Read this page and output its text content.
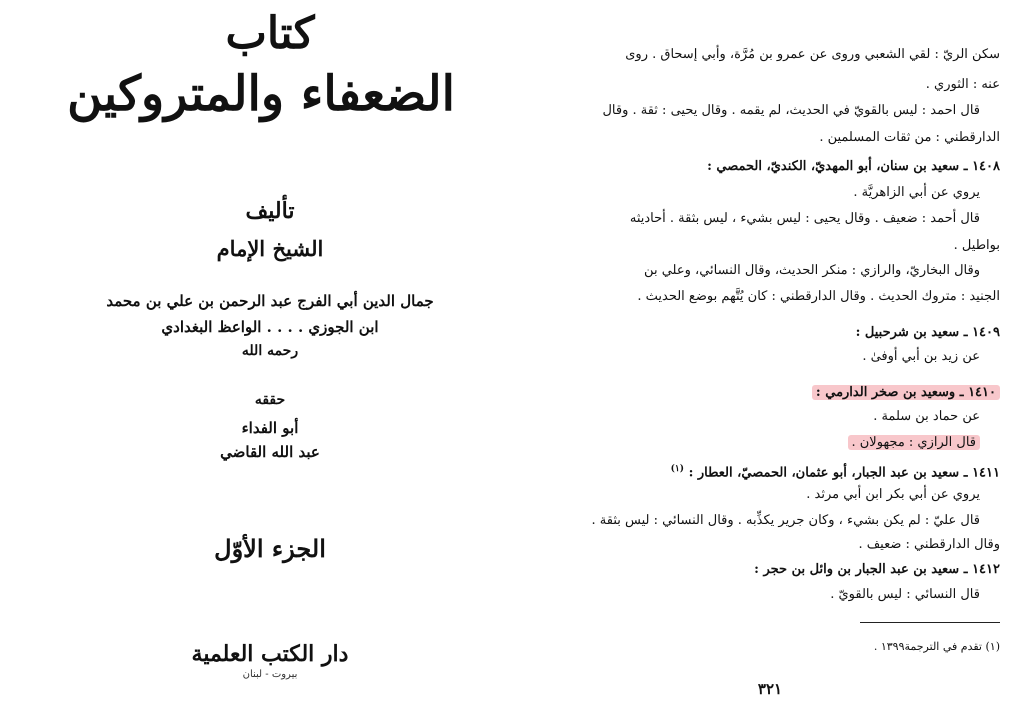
كتاب
الضعفاء والمتروكين
تأليف
الشيخ الإمام
جمال الدين أبي الفرج عبد الرحمن بن علي بن محمد
ابن الجوزي . . . . الواعظ البغدادي
رحمه الله
حققه
أبو الفداء
عبد الله القاضي
الجزء الأوّل
دار الكتب العلمية
بيروت - لبنان
سكن الريّ : لقي الشعبي وروى عن عمرو بن مُرَّة، وأبي إسحاق . روى
عنه : الثوري .
قال احمد : ليس بالقويّ في الحديث، لم يقمه . وقال يحيى : ثقة . وقال
الدارقطني : من ثقات المسلمين .
١٤٠٨ ـ سعيد بن سنان، أبو المهديّ، الكنديّ، الحمصي :
يروي عن أبي الزاهريَّة .
قال أحمد : ضعيف . وقال يحيى : ليس بشيء ، ليس بثقة . أحاديثه
بواطيل .
وقال البخاريّ، والرازي : منكر الحديث، وقال النسائي، وعلي بن
الجنيد : متروك الحديث . وقال الدارقطني : كان يُتَّهم بوضع الحديث .
١٤٠٩ ـ سعيد بن شرحبيل :
عن زيد بن أبي أوفىٰ .
١٤١٠ ـ وسعيد بن صخر الدارمي :
عن حماد بن سلمة .
قال الرازي : مجهولان .
١٤١١ ـ سعيد بن عبد الجبار، أبو عثمان، الحمصيّ، العطار : $^{(١)}$
يروي عن أبي بكر ابن أبي مرثد .
قال عليّ : لم يكن بشيء ، وكان جرير يكذِّبه . وقال النسائي : ليس بثقة .
وقال الدارقطني : ضعيف .
١٤١٢ ـ سعيد بن عبد الجبار بن وائل بن حجر :
قال النسائي : ليس بالقويّ .
(١) تقدم في الترجمة١٣٩٩ .
٣٢١
